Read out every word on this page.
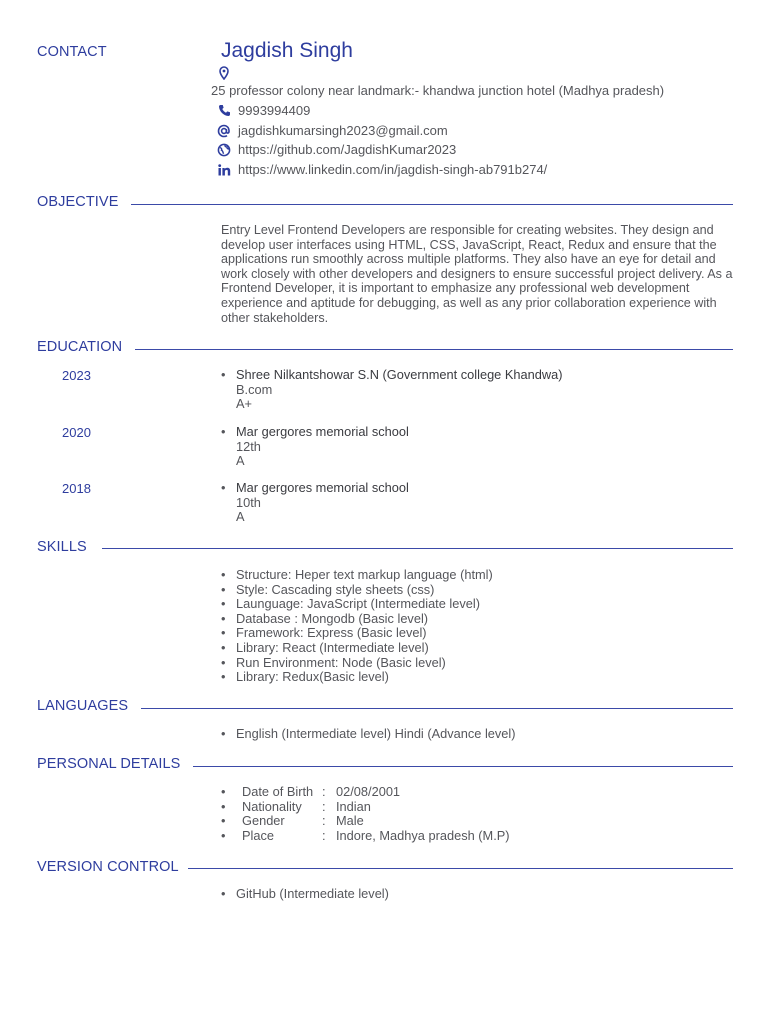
CONTACT	Jagdish Singh
25 professor colony near landmark:- khandwa junction hotel (Madhya pradesh)
9993994409
jagdishkumarsingh2023@gmail.com
https://github.com/JagdishKumar2023
https://www.linkedin.com/in/jagdish-singh-ab791b274/
OBJECTIVE
Entry Level Frontend Developers are responsible for creating websites. They design and develop user interfaces using HTML, CSS, JavaScript, React, Redux and ensure that the applications run smoothly across multiple platforms. They also have an eye for detail and work closely with other developers and designers to ensure successful project delivery. As a Frontend Developer, it is important to emphasize any professional web development experience and aptitude for debugging, as well as any prior collaboration experience with other stakeholders.
EDUCATION
2023	• Shree Nilkantshowar S.N (Government college Khandwa)
B.com
A+
2020	• Mar gergores memorial school
12th
A
2018	• Mar gergores memorial school
10th
A
SKILLS
• Structure: Heper text markup language (html)
• Style: Cascading style sheets (css)
• Launguage: JavaScript (Intermediate level)
• Database : Mongodb (Basic level)
• Framework: Express (Basic level)
• Library: React (Intermediate level)
• Run Environment: Node (Basic level)
• Library: Redux(Basic level)
LANGUAGES
• English (Intermediate level) Hindi (Advance level)
PERSONAL DETAILS
•	Date of Birth	:	02/08/2001
•	Nationality	:	Indian
•	Gender	:	Male
•	Place	:	Indore, Madhya pradesh (M.P)
VERSION CONTROL
• GitHub (Intermediate level)
